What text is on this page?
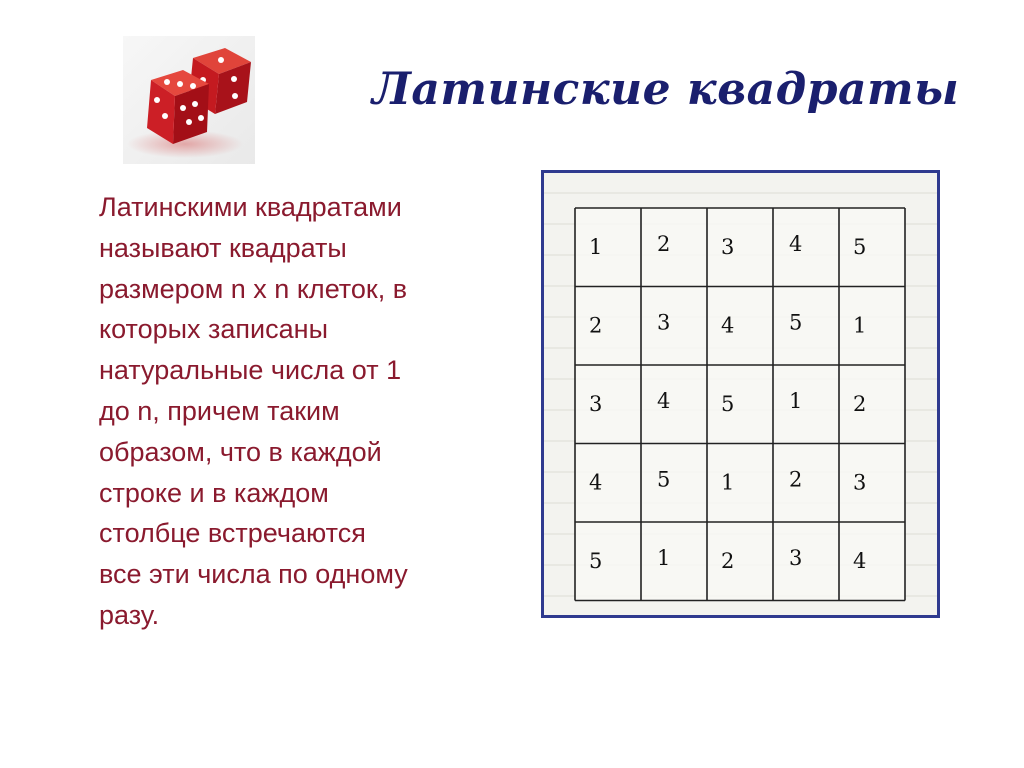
Латинские квадраты
Латинскими квадратами
называют квадраты
размером n x n клеток, в
которых записаны
натуральные числа от 1
до n, причем таким
образом, что в каждой
строке и в каждом
столбце встречаются
все эти числа по одному
разу.
1	2 3	4 5
2	3 4	5 1
3	4 5	1 2
4	5 1	2 3
5	1 2	3 4
